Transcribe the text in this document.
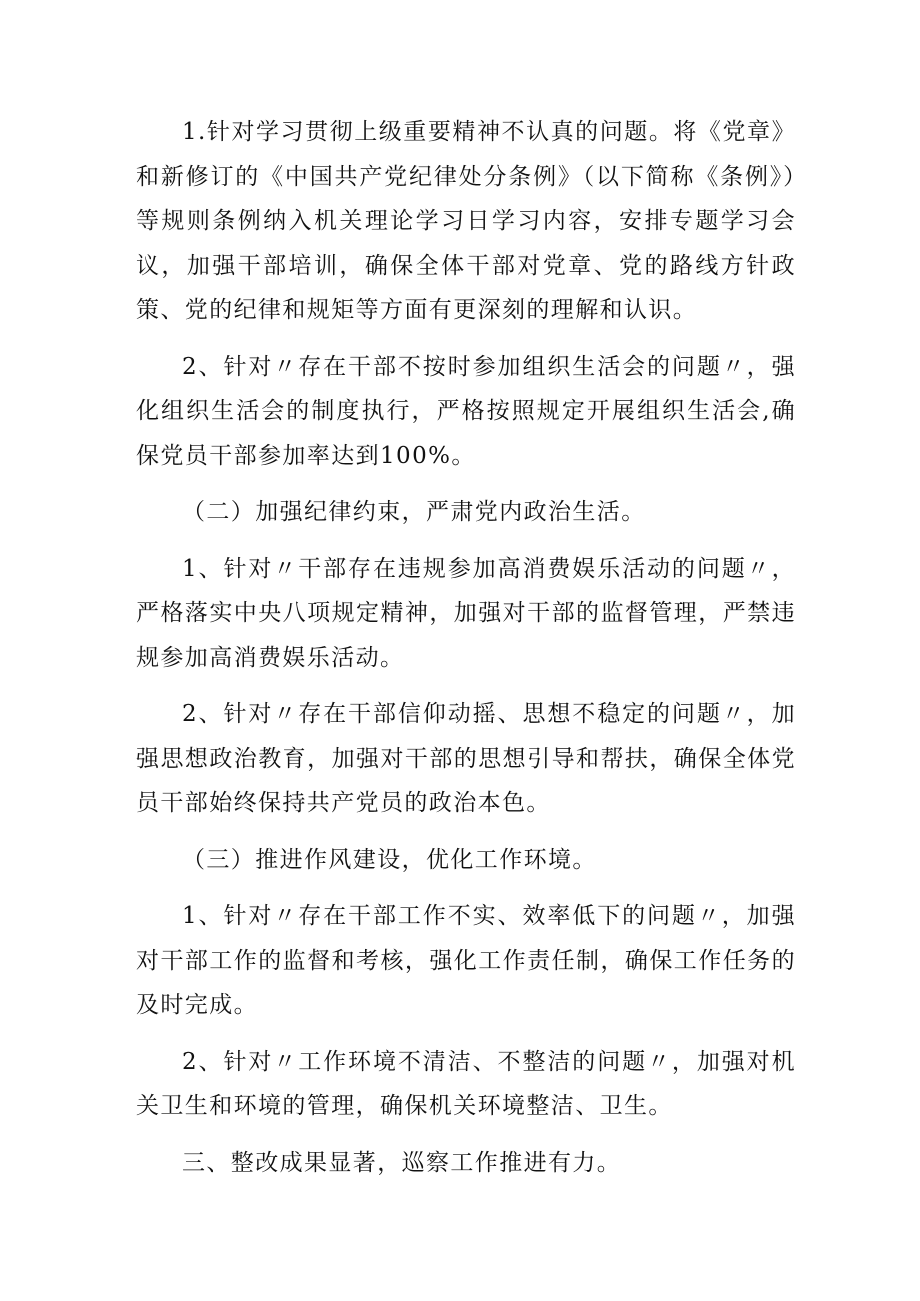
1.针对学习贯彻上级重要精神不认真的问题。将《党章》和新修订的《中国共产党纪律处分条例》（以下简称《条例》）等规则条例纳入机关理论学习日学习内容，安排专题学习会议，加强干部培训，确保全体干部对党章、党的路线方针政策、党的纪律和规矩等方面有更深刻的理解和认识。

2、针对〃存在干部不按时参加组织生活会的问题〃，强化组织生活会的制度执行，严格按照规定开展组织生活会,确保党员干部参加率达到100%。

（二）加强纪律约束，严肃党内政治生活。

1、针对〃干部存在违规参加高消费娱乐活动的问题〃，严格落实中央八项规定精神，加强对干部的监督管理，严禁违规参加高消费娱乐活动。

2、针对〃存在干部信仰动摇、思想不稳定的问题〃，加强思想政治教育，加强对干部的思想引导和帮扶，确保全体党员干部始终保持共产党员的政治本色。

（三）推进作风建设，优化工作环境。

1、针对〃存在干部工作不实、效率低下的问题〃，加强对干部工作的监督和考核，强化工作责任制，确保工作任务的及时完成。

2、针对〃工作环境不清洁、不整洁的问题〃，加强对机关卫生和环境的管理，确保机关环境整洁、卫生。

三、整改成果显著，巡察工作推进有力。
